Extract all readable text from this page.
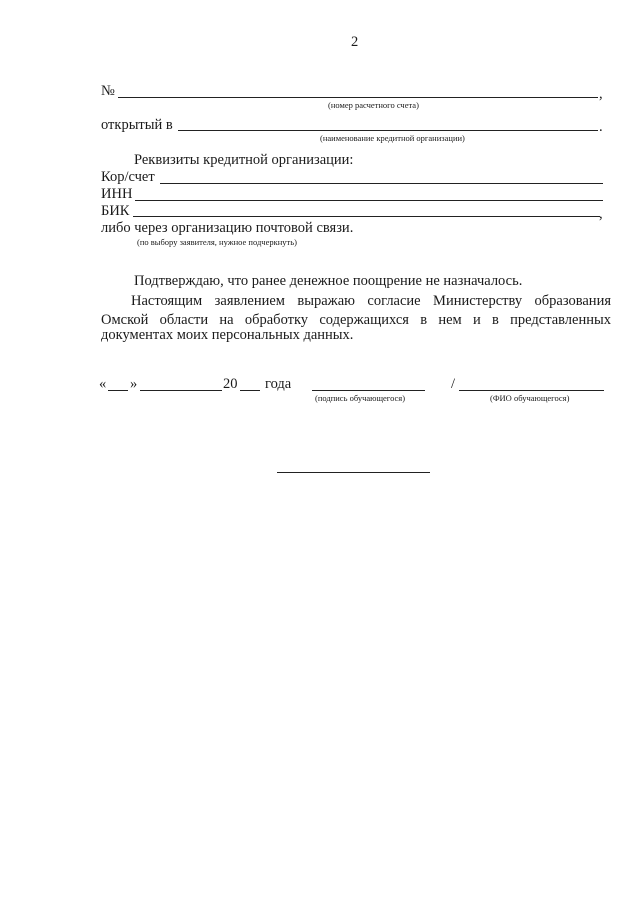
2
№	,
(номер расчетного счета)
открытый в	.
(наименование кредитной организации)
Реквизиты кредитной организации:
Кор/счет
ИНН
БИК	,
либо через организацию почтовой связи.
(по выбору заявителя, нужное подчеркнуть)
Подтверждаю, что ранее денежное поощрение не назначалось.
Настоящим заявлением выражаю согласие Министерству образования
Омской области на обработку содержащихся в нем и в представленных
документах моих персональных данных.
« »	20 года
(подпись обучающегося)
/
(ФИО обучающегося)
